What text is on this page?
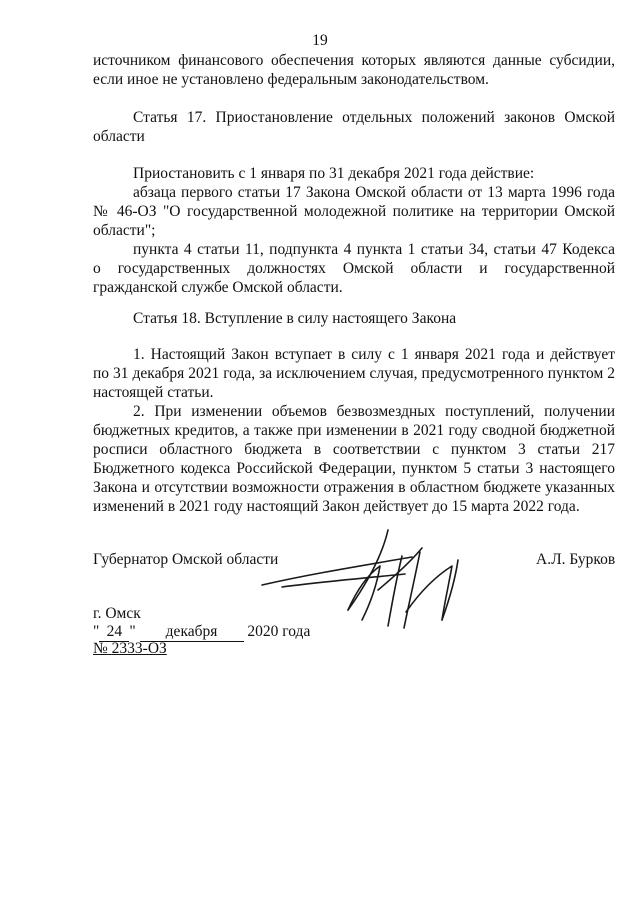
19
источником финансового обеспечения которых являются данные субсидии,
если иное не установлено федеральным законодательством.
Статья 17. Приостановление отдельных положений законов Омской
области
Приостановить с 1 января по 31 декабря 2021 года действие:
абзаца первого статьи 17 Закона Омской области от 13 марта 1996 года
№ 46-ОЗ "О государственной молодежной политике на территории Омской
области";
пункта 4 статьи 11, подпункта 4 пункта 1 статьи 34, статьи 47 Кодекса
о государственных должностях Омской области и государственной
гражданской службе Омской области.
Статья 18. Вступление в силу настоящего Закона
1. Настоящий Закон вступает в силу с 1 января 2021 года и действует
по 31 декабря 2021 года, за исключением случая, предусмотренного пунктом 2
настоящей статьи.
2. При изменении объемов безвозмездных поступлений, получении
бюджетных кредитов, а также при изменении в 2021 году сводной бюджетной
росписи областного бюджета в соответствии с пунктом 3 статьи 217
Бюджетного кодекса Российской Федерации, пунктом 5 статьи 3 настоящего
Закона и отсутствии возможности отражения в областном бюджете указанных
изменений в 2021 году настоящий Закон действует до 15 марта 2022 года.
Губернатор Омской области	А.Л. Бурков
г. Омск
" 24 " декабря 2020 года
№ 2333-ОЗ
